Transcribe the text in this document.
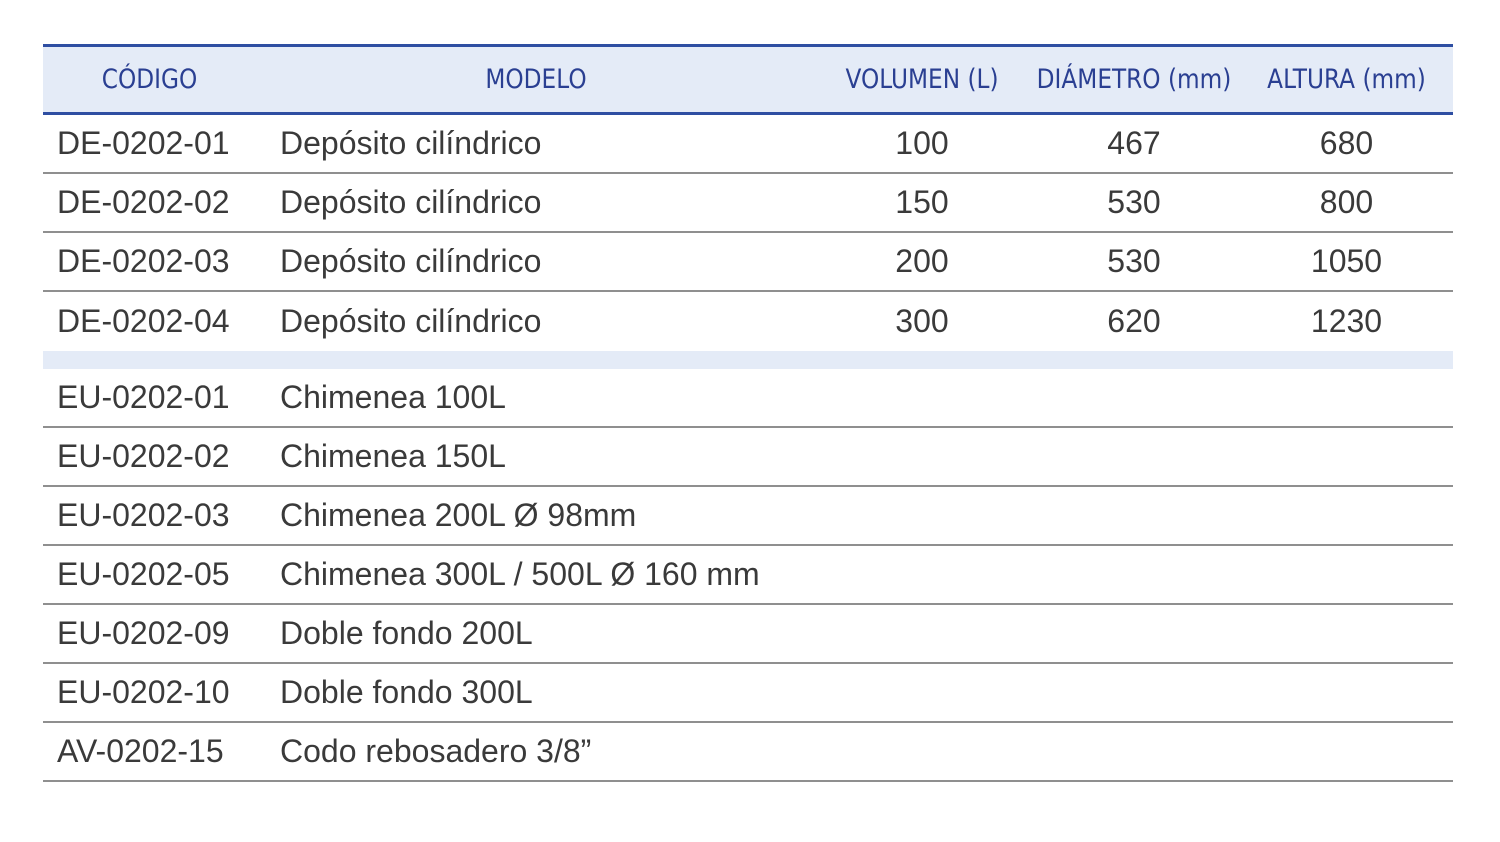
CÓDIGO	MODELO	VOLUMEN (L)	DIÁMETRO (mm)	ALTURA (mm)
DE-0202-01	Depósito cilíndrico	100	467	680
DE-0202-02	Depósito cilíndrico	150	530	800
DE-0202-03	Depósito cilíndrico	200	530	1050
DE-0202-04	Depósito cilíndrico	300	620	1230
EU-0202-01	Chimenea 100L
EU-0202-02	Chimenea 150L
EU-0202-03	Chimenea 200L Ø 98mm
EU-0202-05	Chimenea 300L / 500L Ø 160 mm
EU-0202-09	Doble fondo 200L
EU-0202-10	Doble fondo 300L
AV-0202-15	Codo rebosadero 3/8”
